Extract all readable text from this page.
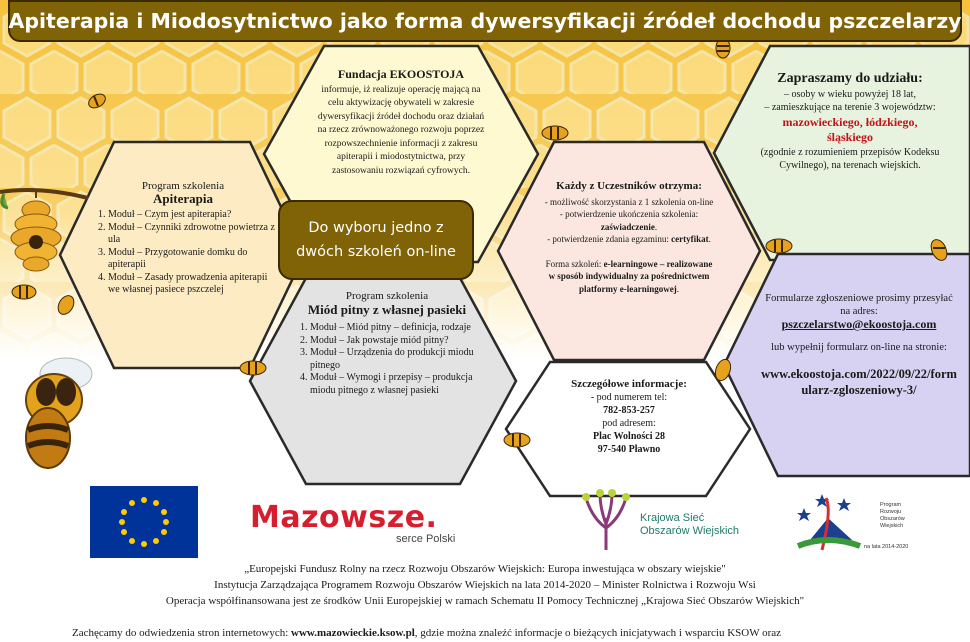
Apiterapia i Miodosytnictwo jako forma dywersyfikacji źródeł dochodu pszczelarzy
Fundacja EKOOSTOJA
informuje, iż realizuje operację mającą na celu aktywizację obywateli w zakresie dywersyfikacji źródeł dochodu oraz działań na rzecz zrównoważonego rozwoju poprzez rozpowszechnienie informacji z zakresu apiterapii i miodostytnictwa, przy zastosowaniu rozwiązań cyfrowych.
Program szkolenia
Apiterapia
1. Moduł – Czym jest apiterapia?
2. Moduł – Czynniki zdrowotne powietrza z ula
3. Moduł – Przygotowanie domku do apiterapii
4. Moduł – Zasady prowadzenia apiterapii we własnej pasiece pszczelej
Program szkolenia
Miód pitny z własnej pasieki
1. Moduł – Miód pitny – definicja, rodzaje
2. Moduł – Jak powstaje miód pitny?
3. Moduł – Urządzenia do produkcji miodu pitnego
4. Moduł – Wymogi i przepisy – produkcja miodu pitnego z własnej pasieki
Każdy z Uczestników otrzyma:
- możliwość skorzystania z 1 szkolenia on-line
- potwierdzenie ukończenia szkolenia:
zaświadczenie.
- potwierdzenie zdania egzaminu: certyfikat.
Forma szkoleń: e-learningowe – realizowane w sposób indywidualny za pośrednictwem platformy e-learningowej.
Zapraszamy do udziału:
– osoby w wieku powyżej 18 lat,
– zamieszkujące na terenie 3 województw:
mazowieckiego, łódzkiego, śląskiego
(zgodnie z rozumieniem przepisów Kodeksu Cywilnego), na terenach wiejskich.
Formularze zgłoszeniowe prosimy przesyłać na adres:
pszczelarstwo@ekoostoja.com
lub wypełnij formularz on-line na stronie:
www.ekoostoja.com/2022/09/22/formularz-zgloszeniowy-3/
Szczegółowe informacje:
- pod numerem tel:
782-853-257
pod adresem:
Plac Wolności 28
97-540 Pławno
Do wyboru jedno z
dwóch szkoleń on-line
Mazowsze.
serce Polski
Krajowa Sieć
Obszarów Wiejskich
Program
Rozwoju
Obszarów
Wiejskich
na lata 2014-2020

„Europejski Fundusz Rolny na rzecz Rozwoju Obszarów Wiejskich: Europa inwestująca w obszary wiejskie"

Instytucja Zarządzająca Programem Rozwoju Obszarów Wiejskich na lata 2014-2020 – Minister Rolnictwa i Rozwoju Wsi

Operacja współfinansowana jest ze środków Unii Europejskiej w ramach Schematu II Pomocy Technicznej „Krajowa Sieć Obszarów Wiejskich"

Zachęcamy do odwiedzenia stron internetowych: www.mazowieckie.ksow.pl, gdzie można znaleźć informacje o bieżących inicjatywach i wsparciu KSOW oraz
